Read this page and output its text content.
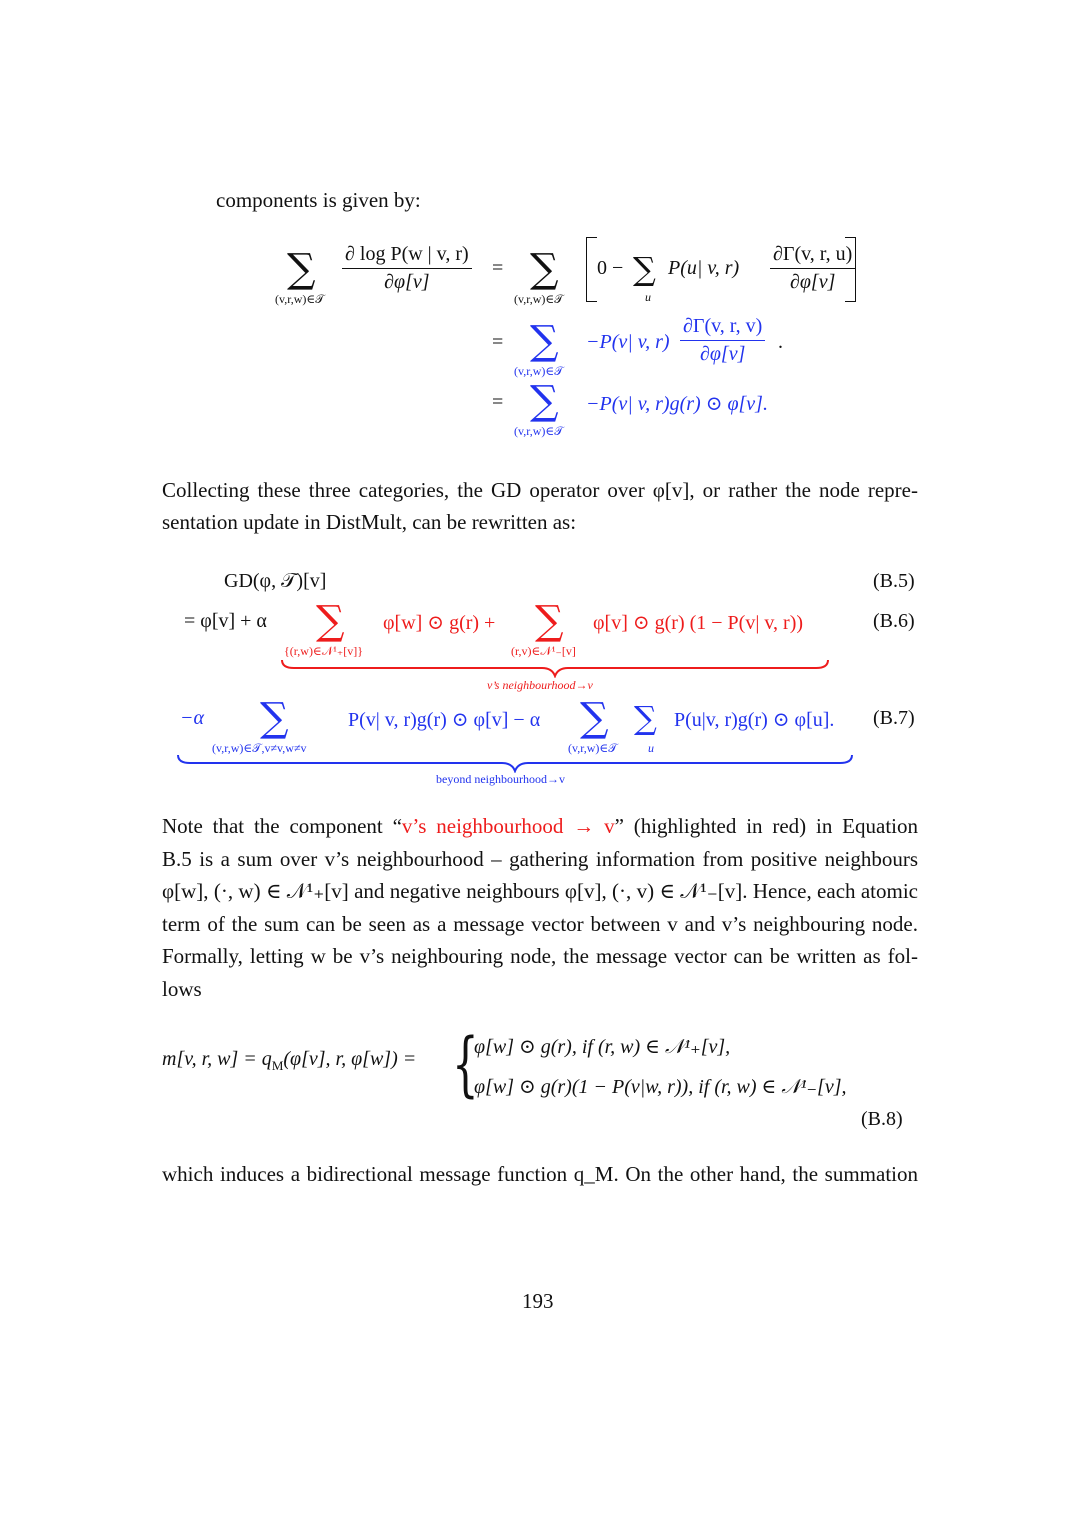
components is given by:
∑
(v,r,w)∈𝒯
$\frac{\text{∂ log P(w | v, r)}}{\partial\varphi[v]}$ = ∑
(v,r,w)∈𝒯
0 − ∑
u
P(u| v, $r) \frac{\partial\Gamma(v, r, u)}{\partial\varphi[v]}$
= ∑
(v,r,w)∈𝒯
−P(v| v, $r) \frac{\partial\Gamma(v, r, v)}{\partial\varphi[v]}$ .
= ∑
(v,r,w)∈𝒯
−P(v| v, r)g(r) ⊙ φ[v].
Collecting these three categories, the GD operator over φ[v], or rather the node repre-
sentation update in DistMult, can be rewritten as:
GD(φ, 𝒯)[v]	(B.5)
= φ[v] + α ∑
{(r,w)∈𝒩¹₊[v]}
φ[w] ⊙ g(r) + ∑
(r,v)∈𝒩¹₋[v]
φ[v] ⊙ g(r) (1 − P(v| v, r))	(B.6)
v’s neighbourhood→v
−α ∑
(v,r,w)∈𝒯,v≠v,w≠v
P(v| v, r)g(r) ⊙ φ[v] − α ∑
(v,r,w)∈𝒯
∑
u
P(u|v, r)g(r) ⊙ φ[u]. (B.7)
beyond neighbourhood→v
Note that the component “v’s neighbourhood → v” (highlighted in red) in Equation
B.5 is a sum over v’s neighbourhood – gathering information from positive neighbours
φ[w], (·, w) ∈ 𝒩¹₊[v] and negative neighbours φ[v], (·, v) ∈ 𝒩¹₋[v]. Hence, each atomic
term of the sum can be seen as a message vector between v and v’s neighbouring node.
Formally, letting w be v’s neighbouring node, the message vector can be written as fol-
lows
m[v, r, $w] = q_M(\varphi[v]$, r, φ[w]) = {
φ[w] ⊙ g(r), if (r, w) ∈ 𝒩¹₊[v],
φ[w] ⊙ g(r)(1 − P(v|w, r)), if (r, w) ∈ 𝒩¹₋[v],
(B.8)
which induces a bidirectional message function q_M. On the other hand, the summation
193
